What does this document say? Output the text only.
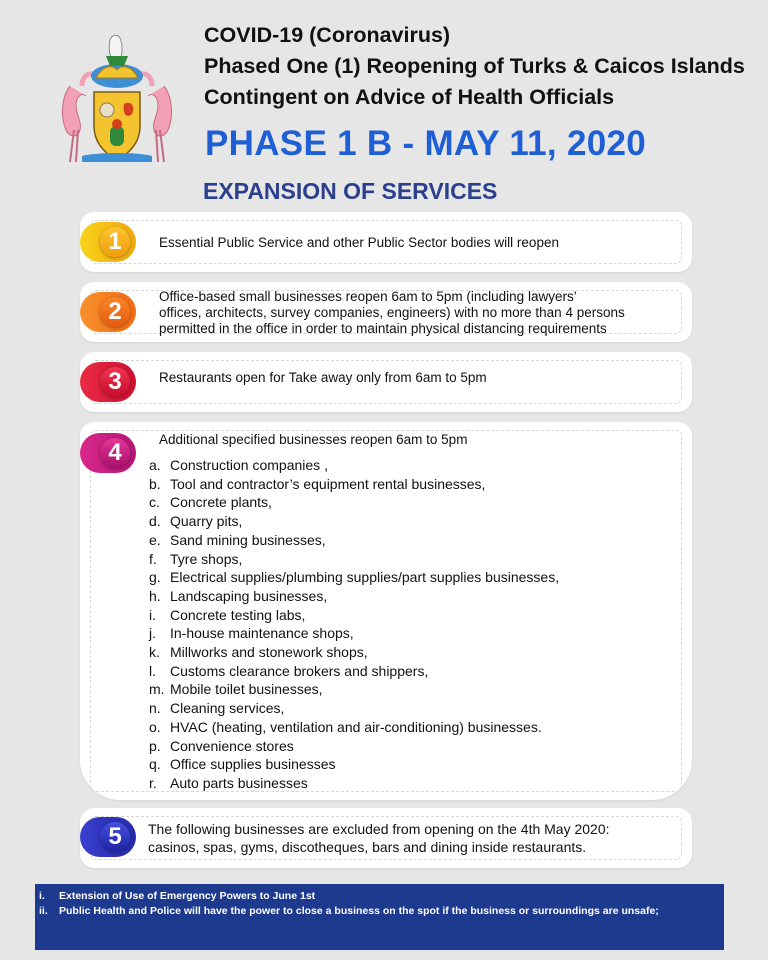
COVID-19 (Coronavirus)
Phased One (1) Reopening of Turks & Caicos Islands
Contingent on Advice of Health Officials
PHASE 1 B - MAY 11, 2020
EXPANSION OF SERVICES
1	Essential Public Service and other Public Sector bodies will reopen
2
Office-based small businesses reopen 6am to 5pm (including lawyers’
offices, architects, survey companies, engineers) with no more than 4 persons
permitted in the office in order to maintain physical distancing requirements
3	Restaurants open for Take away only from 6am to 5pm
4	Additional specified businesses reopen 6am to 5pm
a. Construction companies ,
b. Tool and contractor’s equipment rental businesses,
c. Concrete plants,
d. Quarry pits,
e. Sand mining businesses,
f. Tyre shops,
g. Electrical supplies/plumbing supplies/part supplies businesses,
h. Landscaping businesses,
i. Concrete testing labs,
j. In-house maintenance shops,
k. Millworks and stonework shops,
l. Customs clearance brokers and shippers,
m. Mobile toilet businesses,
n. Cleaning services,
o. HVAC (heating, ventilation and air-conditioning) businesses.
p. Convenience stores
q. Office supplies businesses
r. Auto parts businesses
5	The following businesses are excluded from opening on the 4th May 2020:
casinos, spas, gyms, discotheques, bars and dining inside restaurants.
i. Extension of Use of Emergency Powers to June 1st
ii. Public Health and Police will have the power to close a business on the spot if the business or surroundings are unsafe;
